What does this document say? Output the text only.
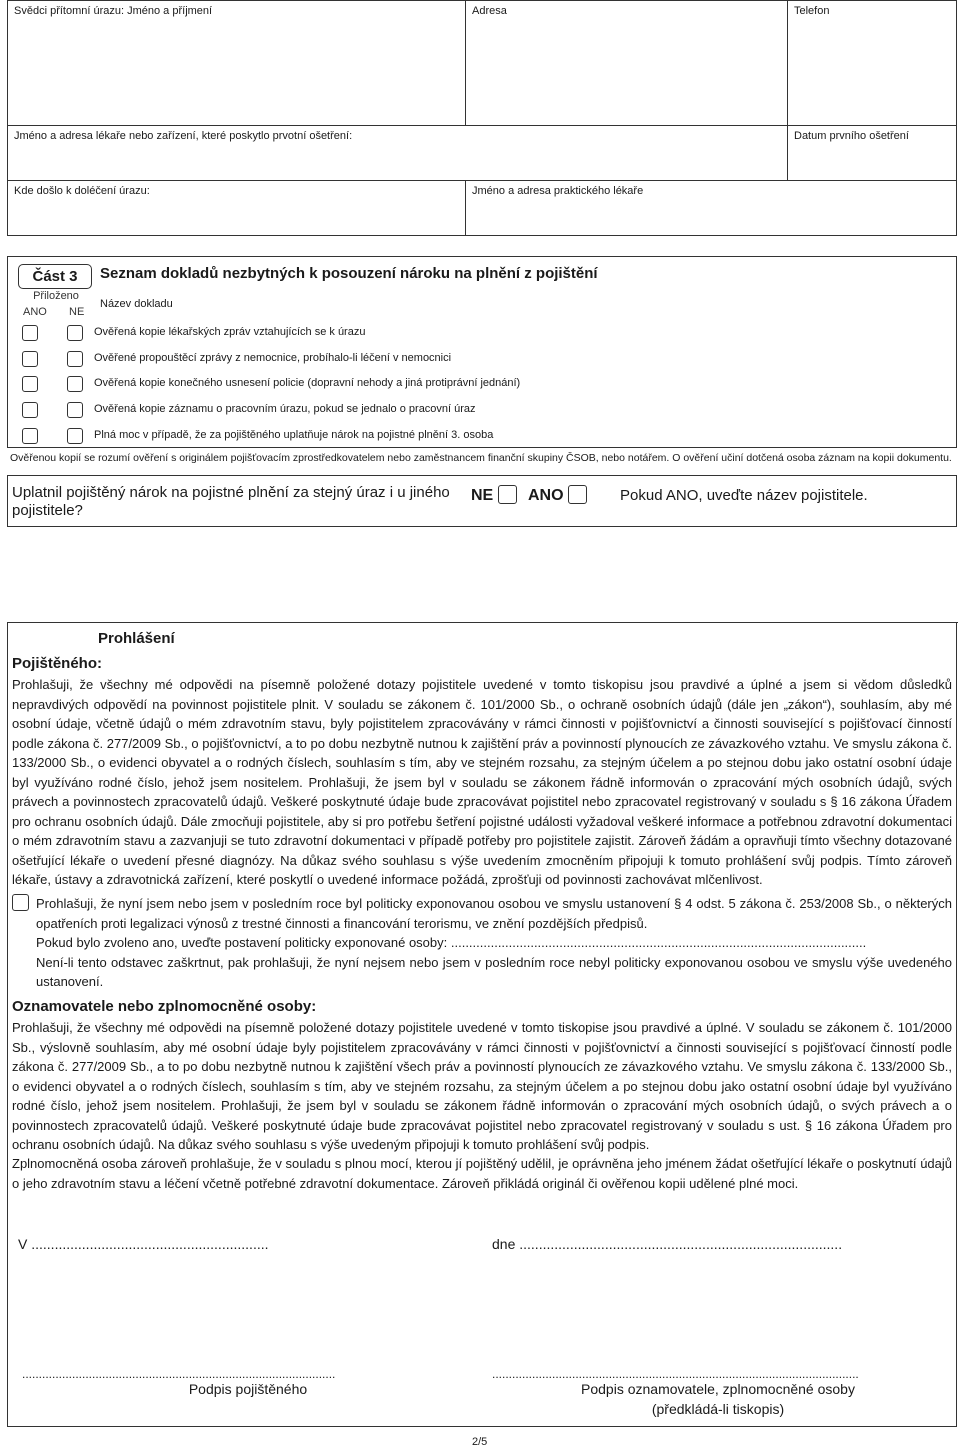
Svědci přítomní úrazu: Jméno a příjmení	Adresa	Telefon
Jméno a adresa lékaře nebo zařízení, které poskytlo prvotní ošetření:	Datum prvního ošetření
Kde došlo k doléčení úrazu:	Jméno a adresa praktického lékaře
Část 3	Seznam dokladů nezbytných k posouzení nároku na plnění z pojištění
Přiloženo
ANO NE
Název dokladu
Ověřená kopie lékařských zpráv vztahujících se k úrazu
Ověřené propouštěcí zprávy z nemocnice, probíhalo-li léčení v nemocnici
Ověřená kopie konečného usnesení policie (dopravní nehody a jiná protiprávní jednání)
Ověřená kopie záznamu o pracovním úrazu, pokud se jednalo o pracovní úraz
Plná moc v případě, že za pojištěného uplatňuje nárok na pojistné plnění 3. osoba
Ověřenou kopií se rozumí ověření s originálem pojišťovacím zprostředkovatelem nebo zaměstnancem finanční skupiny ČSOB, nebo notářem. O ověření učiní dotčená osoba záznam na kopii dokumentu.
Uplatnil pojištěný nárok na pojistné plnění za stejný úraz i u jiného pojistitele?
NE ANO	Pokud ANO, uveďte název pojistitele.
Prohlášení
Pojištěného:
Prohlašuji, že všechny mé odpovědi na písemně položené dotazy pojistitele uvedené v tomto tiskopisu jsou pravdivé a úplné a jsem si vědom důsledků nepravdivých odpovědí na povinnost pojistitele plnit. V souladu se zákonem č. 101/2000 Sb., o ochraně osobních údajů (dále jen „zákon“), souhlasím, aby mé osobní údaje, včetně údajů o mém zdravotním stavu, byly pojistitelem zpracovávány v rámci činnosti v pojišťovnictví a činnosti související s pojišťovací činností podle zákona č. 277/2009 Sb., o pojišťovnictví, a to po dobu nezbytně nutnou k zajištění práv a povinností plynoucích ze závazkového vztahu. Ve smyslu zákona č. 133/2000 Sb., o evidenci obyvatel a o rodných číslech, souhlasím s tím, aby ve stejném rozsahu, za stejným účelem a po stejnou dobu jako ostatní osobní údaje byl využíváno rodné číslo, jehož jsem nositelem. Prohlašuji, že jsem byl v souladu se zákonem řádně informován o zpracování mých osobních údajů, svých právech a povinnostech zpracovatelů údajů. Veškeré poskytnuté údaje bude zpracovávat pojistitel nebo zpracovatel registrovaný v souladu s § 16 zákona Úřadem pro ochranu osobních údajů. Dále zmocňuji pojistitele, aby si pro potřebu šetření pojistné události vyžadoval veškeré informace a potřebnou zdravotní dokumentaci o mém zdravotním stavu a zazvanjuji se tuto zdravotní dokumentaci v případě potřeby pro pojistitele zajistit. Zároveň žádám a opravňuji tímto všechny dotazované ošetřující lékaře o uvedení přesné diagnózy. Na důkaz svého souhlasu s výše uvedením zmocněním připojuji k tomuto prohlášení svůj podpis. Tímto zároveň lékaře, ústavy a zdravotnická zařízení, které poskytlí o uvedené informace požádá, zprošťuji od povinnosti zachovávat mlčenlivost.
Prohlašuji, že nyní jsem nebo jsem v posledním roce byl politicky exponovanou osobou ve smyslu ustanovení § 4 odst. 5 zákona č. 253/2008 Sb., o některých opatřeních proti legalizaci výnosů z trestné činnosti a financování terorismu, ve znění pozdějších předpisů.
Pokud bylo zvoleno ano, uveďte postavení politicky exponované osoby: ...................................................................................................................
Není-li tento odstavec zaškrtnut, pak prohlašuji, že nyní nejsem nebo jsem v posledním roce nebyl politicky exponovanou osobou ve smyslu výše uvedeného ustanovení.
Oznamovatele nebo zplnomocněné osoby:
Prohlašuji, že všechny mé odpovědi na písemně položené dotazy pojistitele uvedené v tomto tiskopise jsou pravdivé a úplné. V souladu se zákonem č. 101/2000 Sb., výslovně souhlasím, aby mé osobní údaje byly pojistitelem zpracovávány v rámci činnosti v pojišťovnictví a činnosti související s pojišťovací činností podle zákona č. 277/2009 Sb., a to po dobu nezbytně nutnou k zajištění všech práv a povinností plynoucích ze závazkového vztahu. Ve smyslu zákona č. 133/2000 Sb., o evidenci obyvatel a o rodných číslech, souhlasím s tím, aby ve stejném rozsahu, za stejným účelem a po stejnou dobu jako ostatní osobní údaje byl využíváno rodné číslo, jehož jsem nositelem. Prohlašuji, že jsem byl v souladu se zákonem řádně informován o zpracování mých osobních údajů, o svých právech a o povinnostech zpracovatelů údajů. Veškeré poskytnuté údaje bude zpracovávat pojistitel nebo zpracovatel registrovaný v souladu s ust. § 16 zákona Úřadem pro ochranu osobních údajů. Na důkaz svého souhlasu s výše uvedeným připojuji k tomuto prohlášení svůj podpis.
Zplnomocněná osoba zároveň prohlašuje, že v souladu s plnou mocí, kterou jí pojištěný udělil, je oprávněna jeho jménem žádat ošetřující lékaře o poskytnutí údajů o jeho zdravotním stavu a léčení včetně potřebné zdravotní dokumentace. Zároveň přikládá originál či ověřenou kopii udělené plné moci.
V .............................................................	dne ...................................................................................
..............................................................................................	..............................................................................................................
Podpis pojištěného	Podpis oznamovatele, zplnomocněné osoby
(předkládá-li tiskopis)
2/5
